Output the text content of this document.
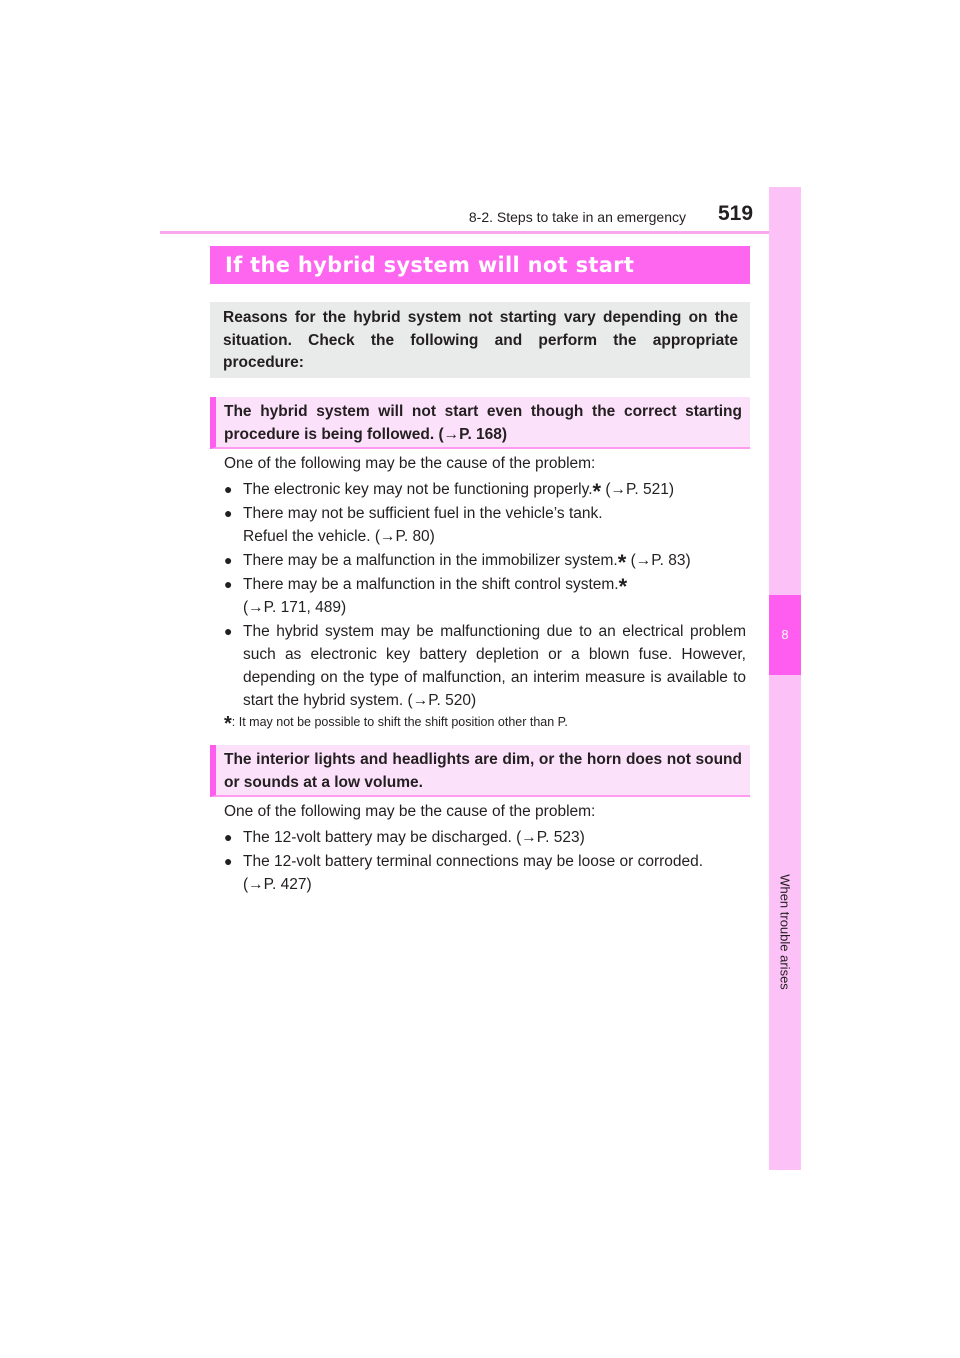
8-2. Steps to take in an emergency 519
8
When trouble arises
If the hybrid system will not start

Reasons for the hybrid system not starting vary depending on the situation. Check the following and perform the appropriate procedure:

The hybrid system will not start even though the correct starting procedure is being followed. (→P. 168)

One of the following may be the cause of the problem:
● The electronic key may not be functioning properly.* (→P. 521)
● There may not be sufficient fuel in the vehicle’s tank.
Refuel the vehicle. (→P. 80)
● There may be a malfunction in the immobilizer system.* (→P. 83)
● There may be a malfunction in the shift control system.*
(→P. 171, 489)
● The hybrid system may be malfunctioning due to an electrical problem such as electronic key battery depletion or a blown fuse. However, depending on the type of malfunction, an interim measure is available to start the hybrid system. (→P. 520)
*: It may not be possible to shift the shift position other than P.

The interior lights and headlights are dim, or the horn does not sound or sounds at a low volume.

One of the following may be the cause of the problem:
● The 12-volt battery may be discharged. (→P. 523)
● The 12-volt battery terminal connections may be loose or corroded.
(→P. 427)
